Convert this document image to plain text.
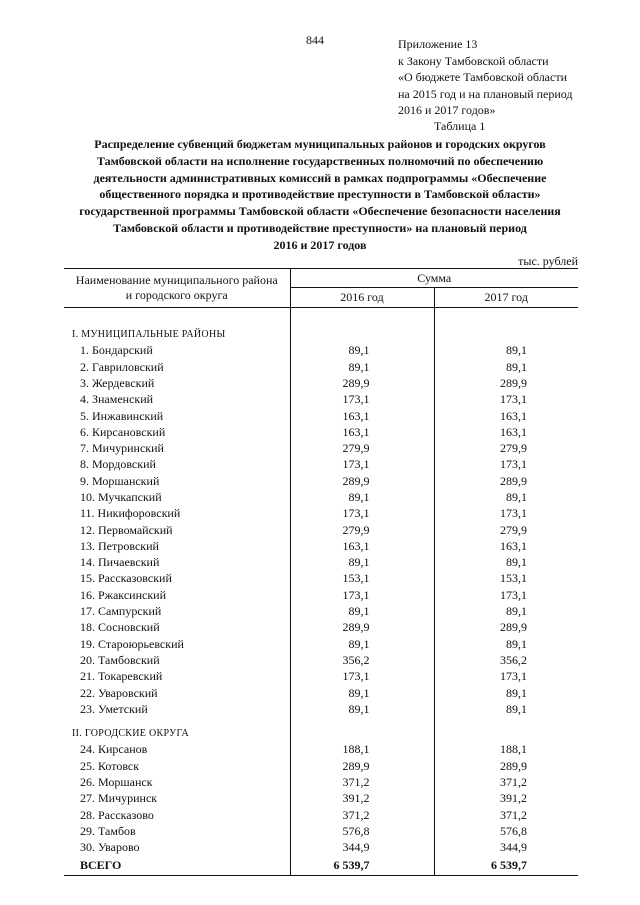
844	Приложение 13
к Закону Тамбовской области
«О бюджете Тамбовской области
на 2015 год и на плановый период
2016 и 2017 годов»
Таблица 1
Распределение субвенций бюджетам муниципальных районов и городских округов
Тамбовской области на исполнение государственных полномочий по обеспечению
деятельности административных комиссий в рамках подпрограммы «Обеспечение
общественного порядка и противодействие преступности в Тамбовской области»
государственной программы Тамбовской области «Обеспечение безопасности населения
Тамбовской области и противодействие преступности» на плановый период
2016 и 2017 годов
тыс. рублей
Наименование муниципального района
и городского округа	Сумма	
	2016 год	2017 год
I. МУНИЦИПАЛЬНЫЕ РАЙОНЫ		
1. Бондарский	89,1	89,1
2. Гавриловский	89,1	89,1
3. Жердевский	289,9	289,9
4. Знаменский	173,1	173,1
5. Инжавинский	163,1	163,1
6. Кирсановский	163,1	163,1
7. Мичуринский	279,9	279,9
8. Мордовский	173,1	173,1
9. Моршанский	289,9	289,9
10. Мучкапский	89,1	89,1
11. Никифоровский	173,1	173,1
12. Первомайский	279,9	279,9
13. Петровский	163,1	163,1
14. Пичаевский	89,1	89,1
15. Рассказовский	153,1	153,1
16. Ржаксинский	173,1	173,1
17. Сампурский	89,1	89,1
18. Сосновский	289,9	289,9
19. Староюрьевский	89,1	89,1
20. Тамбовский	356,2	356,2
21. Токаревский	173,1	173,1
22. Уваровский	89,1	89,1
23. Уметский	89,1	89,1

II. ГОРОДСКИЕ ОКРУГА		
24. Кирсанов	188,1	188,1
25. Котовск	289,9	289,9
26. Моршанск	371,2	371,2
27. Мичуринск	391,2	391,2
28. Рассказово	371,2	371,2
29. Тамбов	576,8	576,8
30. Уварово	344,9	344,9
ВСЕГО	6 539,7	6 539,7
